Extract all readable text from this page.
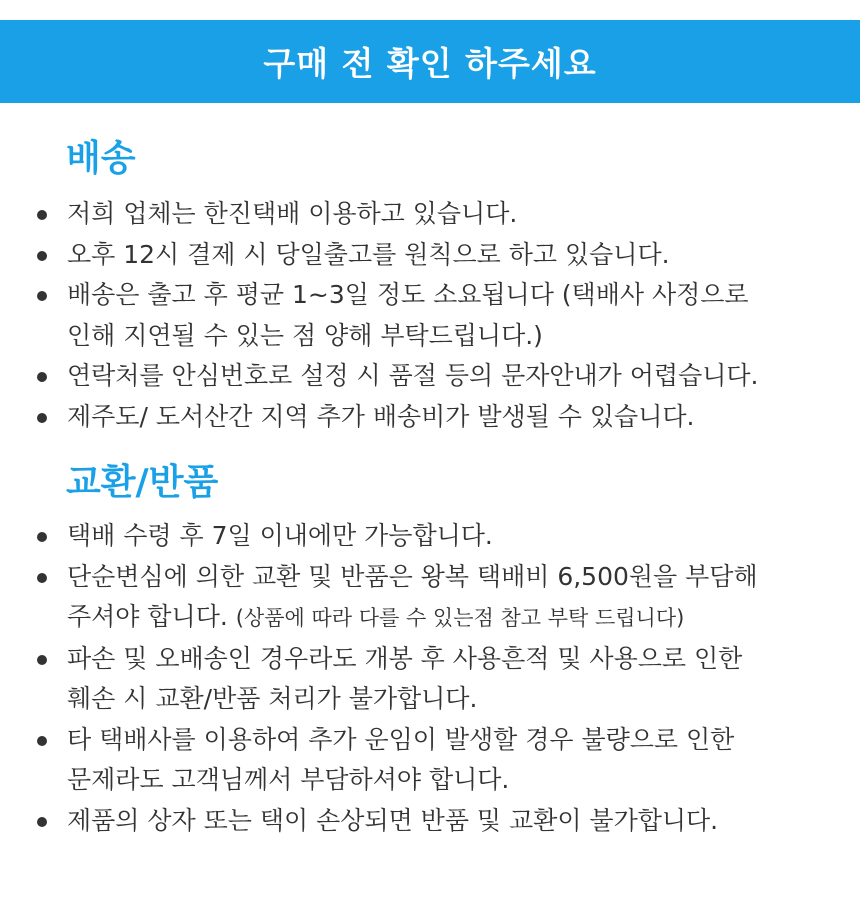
구매 전 확인 하주세요
배송
저희 업체는 한진택배 이용하고 있습니다.
오후 12시 결제 시 당일출고를 원칙으로 하고 있습니다.
배송은 출고 후 평균 1~3일 정도 소요됩니다 (택배사 사정으로
인해 지연될 수 있는 점 양해 부탁드립니다.)
연락처를 안심번호로 설정 시 품절 등의 문자안내가 어렵습니다.
제주도/ 도서산간 지역 추가 배송비가 발생될 수 있습니다.
교환/반품
택배 수령 후 7일 이내에만 가능합니다.
단순변심에 의한 교환 및 반품은 왕복 택배비 6,500원을 부담해
주셔야 합니다. (상품에 따라 다를 수 있는점 참고 부탁 드립니다)
파손 및 오배송인 경우라도 개봉 후 사용흔적 및 사용으로 인한
훼손 시 교환/반품 처리가 불가합니다.
타 택배사를 이용하여 추가 운임이 발생할 경우 불량으로 인한
문제라도 고객님께서 부담하셔야 합니다.
제품의 상자 또는 택이 손상되면 반품 및 교환이 불가합니다.
